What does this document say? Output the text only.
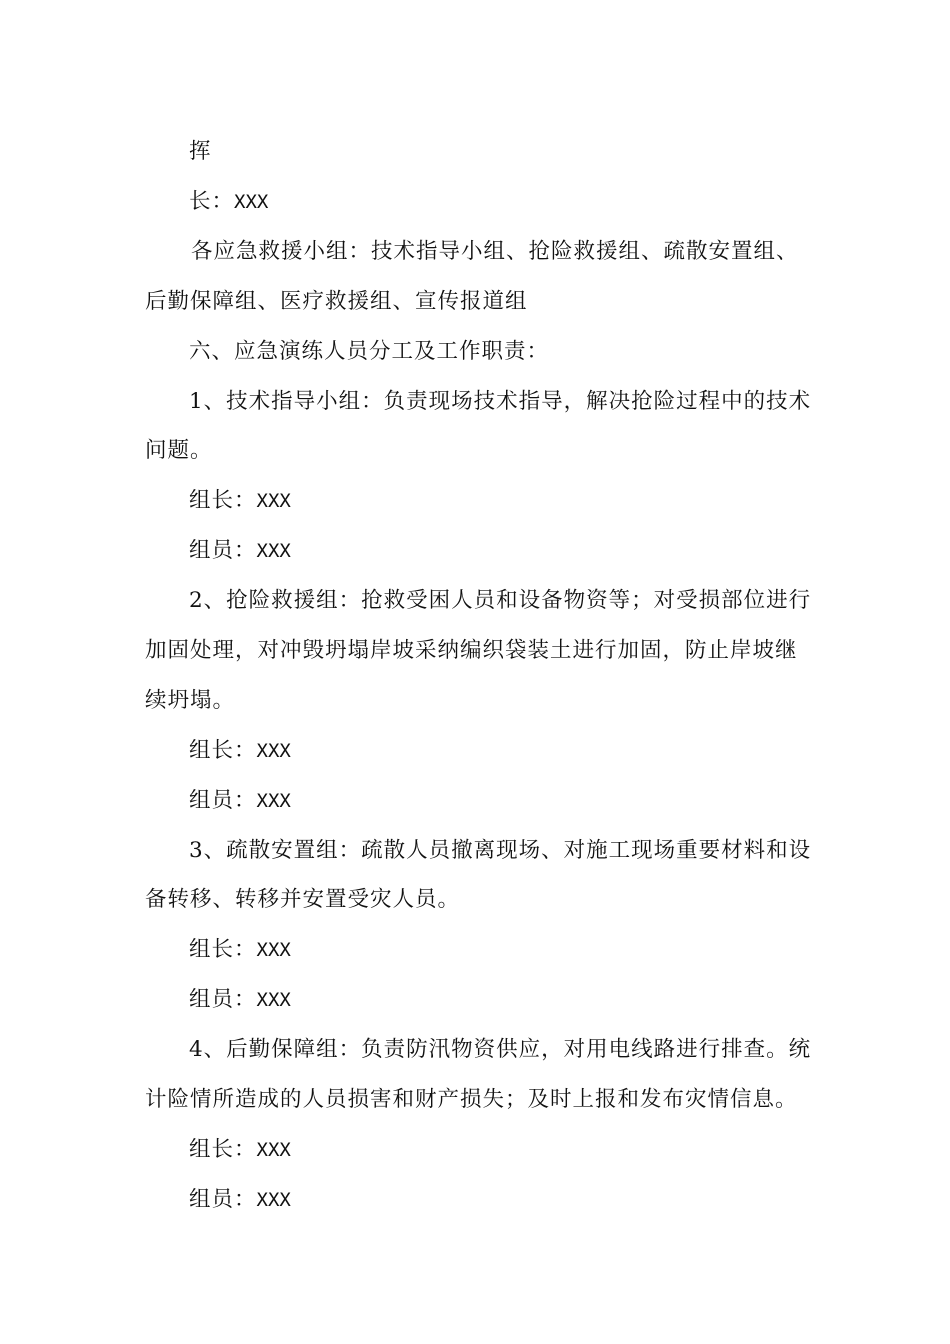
挥
长：XXX
各应急救援小组：技术指导小组、抢险救援组、疏散安置组、
后勤保障组、医疗救援组、宣传报道组
六、应急演练人员分工及工作职责：
1、技术指导小组：负责现场技术指导，解决抢险过程中的技术
问题。
组长：XXX
组员：XXX
2、抢险救援组：抢救受困人员和设备物资等；对受损部位进行
加固处理，对冲毁坍塌岸坡采纳编织袋装土进行加固，防止岸坡继
续坍塌。
组长：XXX
组员：XXX
3、疏散安置组：疏散人员撤离现场、对施工现场重要材料和设
备转移、转移并安置受灾人员。
组长：XXX
组员：XXX
4、后勤保障组：负责防汛物资供应，对用电线路进行排查。统
计险情所造成的人员损害和财产损失；及时上报和发布灾情信息。
组长：XXX
组员：XXX
